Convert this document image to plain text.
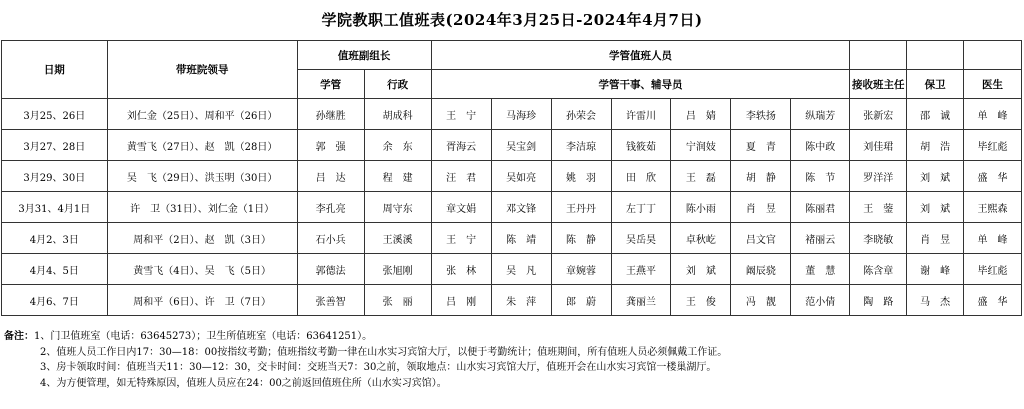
学院教职工值班表(2024年3月25日-2024年4月7日)
日期	带班院领导	值班副组长		学管值班人员									
		学管	行政	学管干事、辅导员							接收班主任	保卫	医生
3月25、26日	刘仁金（25日）、周和平（26日）	孙继胜	胡成科	王　宁	马海珍	孙荣会	许雷川	吕　婧	李轶扬	纵瑞芳	张新宏	邵　诚	单　峰
3月27、28日	黄雪飞（27日）、赵　凯（28日）	郭　强	余　东	胥海云	吴宝剑	李洁琼	钱筱茹	宁润妓	夏　青	陈中政	刘佳珺	胡　浩	毕红彪
3月29、30日	吴　飞（29日）、洪玉明（30日）	吕　达	程　建	汪　君	吴如亮	姚　羽	田　欣	王　磊	胡　静	陈　节	罗洋洋	刘　斌	盛　华
3月31、4月1日	许　卫（31日）、刘仁金（1日）	李孔亮	周守东	章文娟	邓文锋	王丹丹	左丁丁	陈小雨	肖　昱	陈丽君	王　蓥	刘　斌	王熙森
4月2、3日	周和平（2日）、赵　凯（3日）	石小兵	王溪溪	王　宁	陈　靖	陈　静	吴岳昊	卓秋屹	吕文官	褚丽云	李晓敏	肖　昱	单　峰
4月4、5日	黄雪飞（4日）、吴　飞（5日）	郭德法	张旭刚	张　林	吴　凡	章婉蓉	王燕平	刘　斌	阚辰骁	董　慧	陈含章	谢　峰	毕红彪
4月6、7日	周和平（6日）、许　卫（7日）	张善智	张　丽	吕　刚	朱　萍	郎　蔚	龚丽兰	王　俊	冯　靓	范小倩	陶　路	马　杰	盛　华
备注：1、门卫值班室（电话：63645273）；卫生所值班室（电话：63641251）。
2、值班人员工作日内17：30—18：00按指纹考勤；值班指纹考勤一律在山水实习宾馆大厅，以便于考勤统计；值班期间，所有值班人员必须佩戴工作证。
3、房卡领取时间：值班当天11：30—12：30，交卡时间：交班当天7：30之前，领取地点：山水实习宾馆大厅，值班开会在山水实习宾馆一楼巢湖厅。
4、为方便管理，如无特殊原因，值班人员应在24：00之前返回值班住所（山水实习宾馆）。
